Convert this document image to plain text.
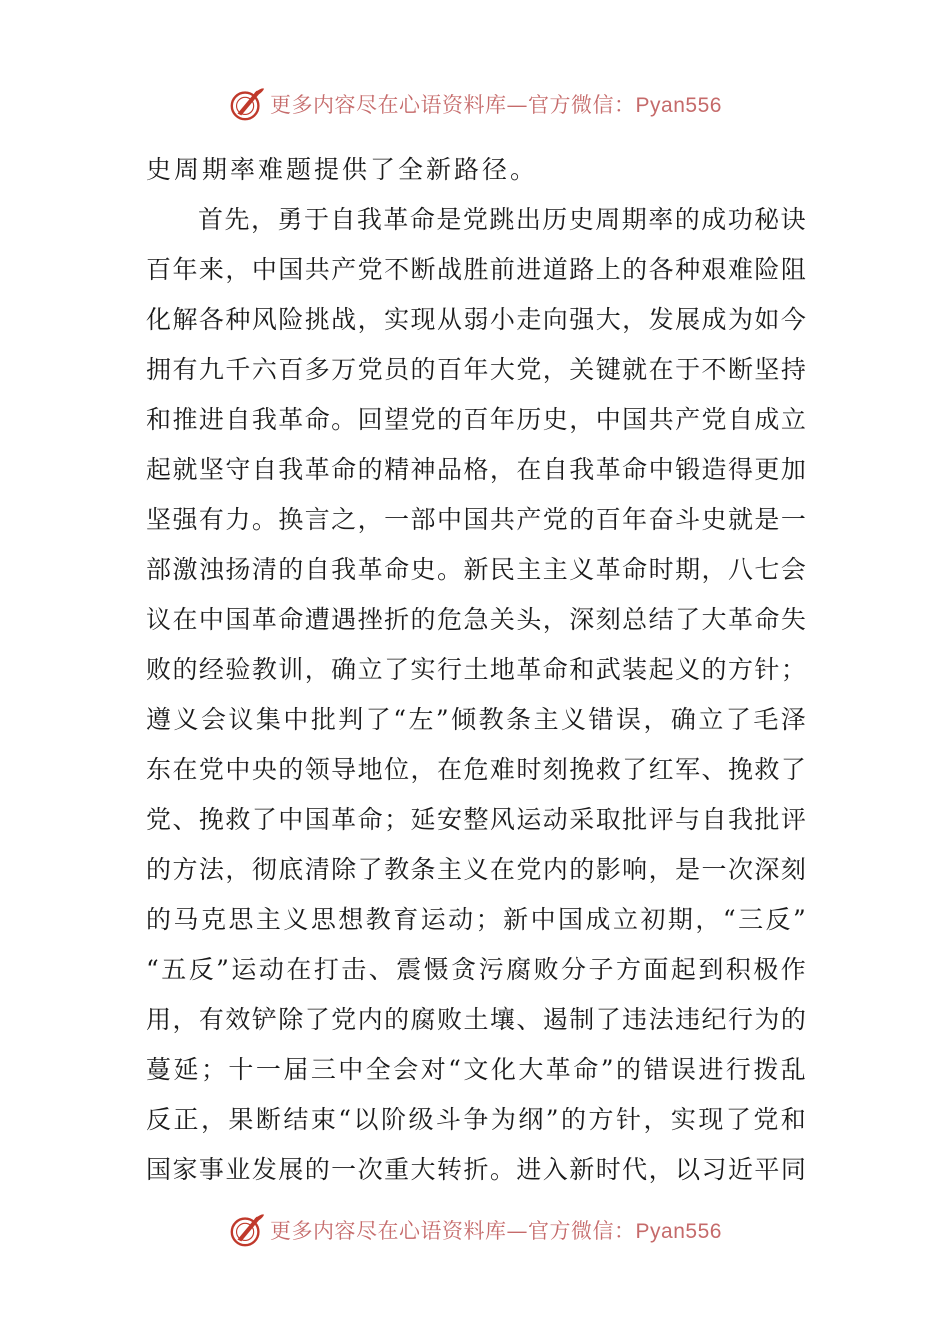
更多内容尽在心语资料库—官方微信：Pyan556
史周期率难题提供了全新路径。
首 先 ， 勇 于 自 我 革 命 是 党 跳 出 历 史 周 期 率 的 成 功 秘 诀
百 年 来 ， 中 国 共 产 党 不 断 战 胜 前 进 道 路 上 的 各 种 艰 难 险 阻
化 解 各 种 风 险 挑 战 ， 实 现 从 弱 小 走 向 强 大 ， 发 展 成 为 如 今
拥 有 九 千 六 百 多 万 党 员 的 百 年 大 党 ， 关 键 就 在 于 不 断 坚 持
和 推 进 自 我 革 命 。 回 望 党 的 百 年 历 史 ， 中 国 共 产 党 自 成 立
起 就 坚 守 自 我 革 命 的 精 神 品 格 ， 在 自 我 革 命 中 锻 造 得 更 加
坚 强 有 力 。 换 言 之 ， 一 部 中 国 共 产 党 的 百 年 奋 斗 史 就 是 一
部 激 浊 扬 清 的 自 我 革 命 史 。 新 民 主 主 义 革 命 时 期 ， 八 七 会
议 在 中 国 革 命 遭 遇 挫 折 的 危 急 关 头 ， 深 刻 总 结 了 大 革 命 失
败 的 经 验 教 训 ， 确 立 了 实 行 土 地 革 命 和 武 装 起 义 的 方 针 ；
遵 义 会 议 集 中 批 判 了 “ 左 ” 倾 教 条 主 义 错 误 ， 确 立 了 毛 泽
东 在 党 中 央 的 领 导 地 位 ， 在 危 难 时 刻 挽 救 了 红 军 、 挽 救 了
党 、 挽 救 了 中 国 革 命 ； 延 安 整 风 运 动 采 取 批 评 与 自 我 批 评
的 方 法 ， 彻 底 清 除 了 教 条 主 义 在 党 内 的 影 响 ， 是 一 次 深 刻
的 马 克 思 主 义 思 想 教 育 运 动 ； 新 中 国 成 立 初 期 ， “ 三 反 ”
“ 五 反 ” 运 动 在 打 击 、 震 慑 贪 污 腐 败 分 子 方 面 起 到 积 极 作
用 ， 有 效 铲 除 了 党 内 的 腐 败 土 壤 、 遏 制 了 违 法 违 纪 行 为 的
蔓 延 ； 十 一 届 三 中 全 会 对 “ 文 化 大 革 命 ” 的 错 误 进 行 拨 乱
反 正 ， 果 断 结 束 “ 以 阶 级 斗 争 为 纲 ” 的 方 针 ， 实 现 了 党 和
国 家 事 业 发 展 的 一 次 重 大 转 折 。 进 入 新 时 代 ， 以 习 近 平 同
更多内容尽在心语资料库—官方微信：Pyan556
